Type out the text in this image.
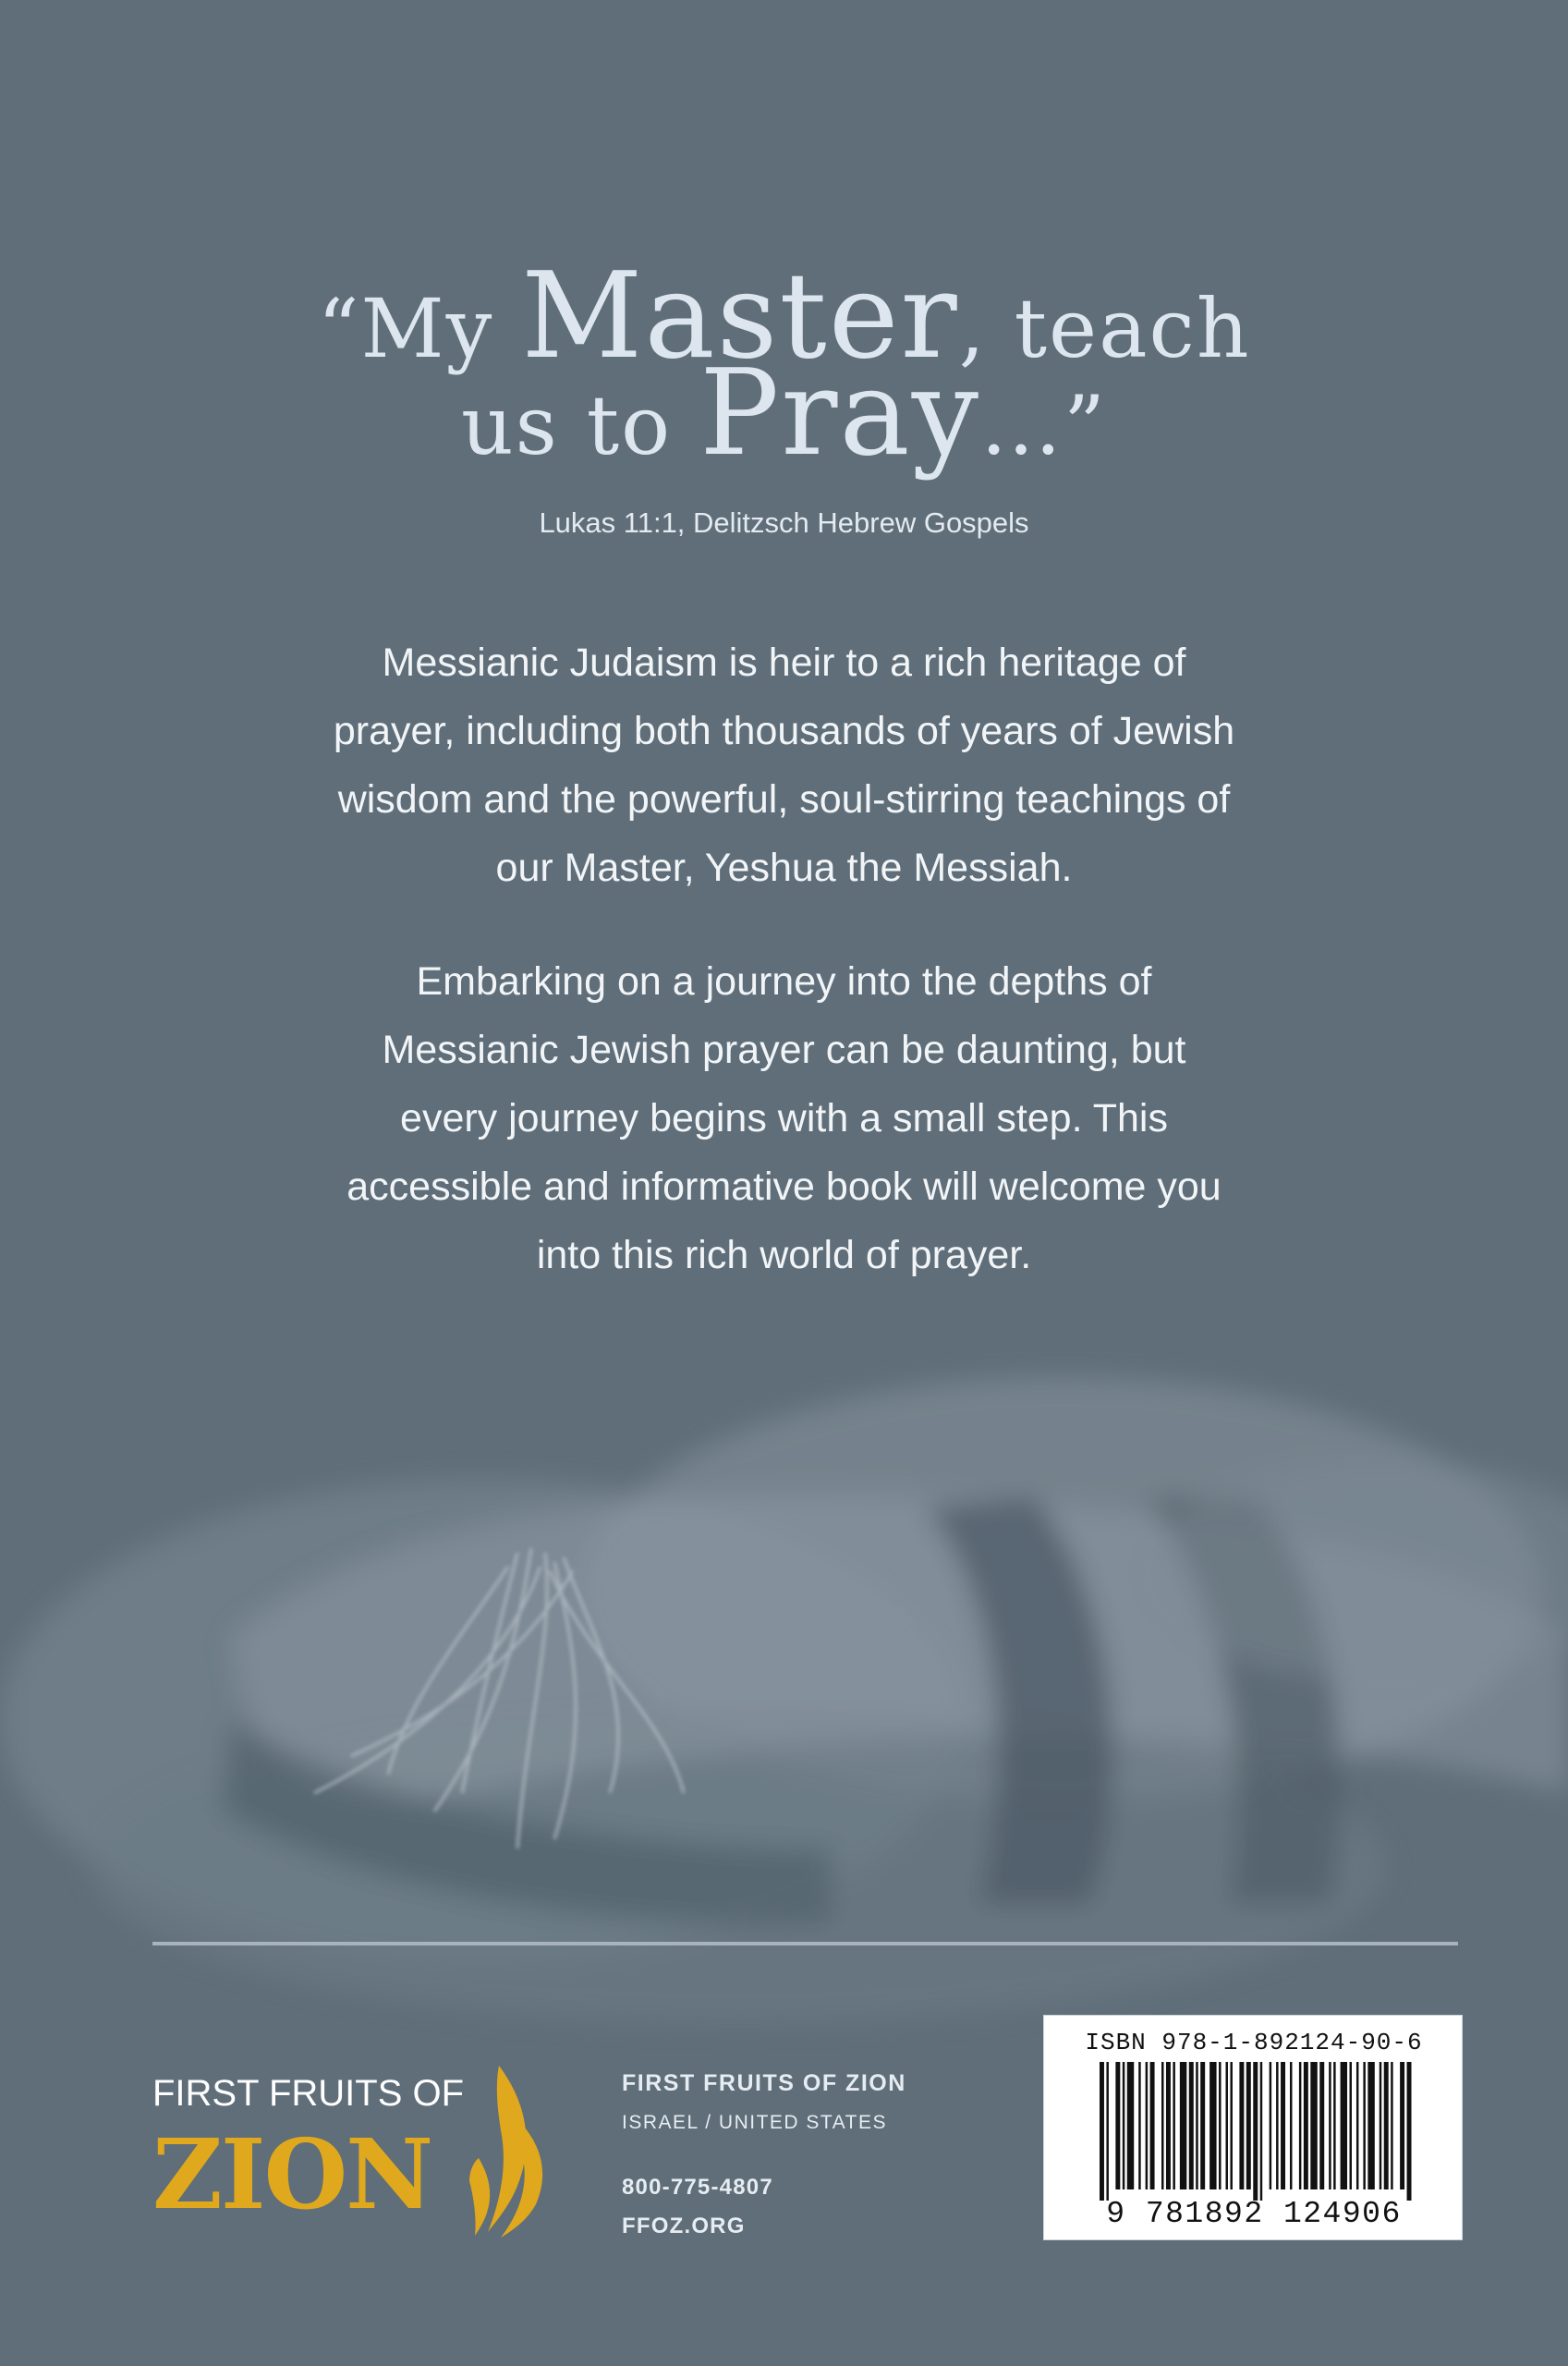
“My Master, teach
us to Pray…”
Lukas 11:1, Delitzsch Hebrew Gospels
Messianic Judaism is heir to a rich heritage of prayer, including both thousands of years of Jewish wisdom and the powerful, soul-stirring teachings of our Master, Yeshua the Messiah.
Embarking on a journey into the depths of Messianic Jewish prayer can be daunting, but every journey begins with a small step. This accessible and informative book will welcome you into this rich world of prayer.
FIRST FRUITS OF
ZION
FIRST FRUITS OF ZION
ISRAEL / UNITED STATES
800-775-4807
FFOZ.ORG
ISBN 978-1-892124-90-6
9 781892 124906
